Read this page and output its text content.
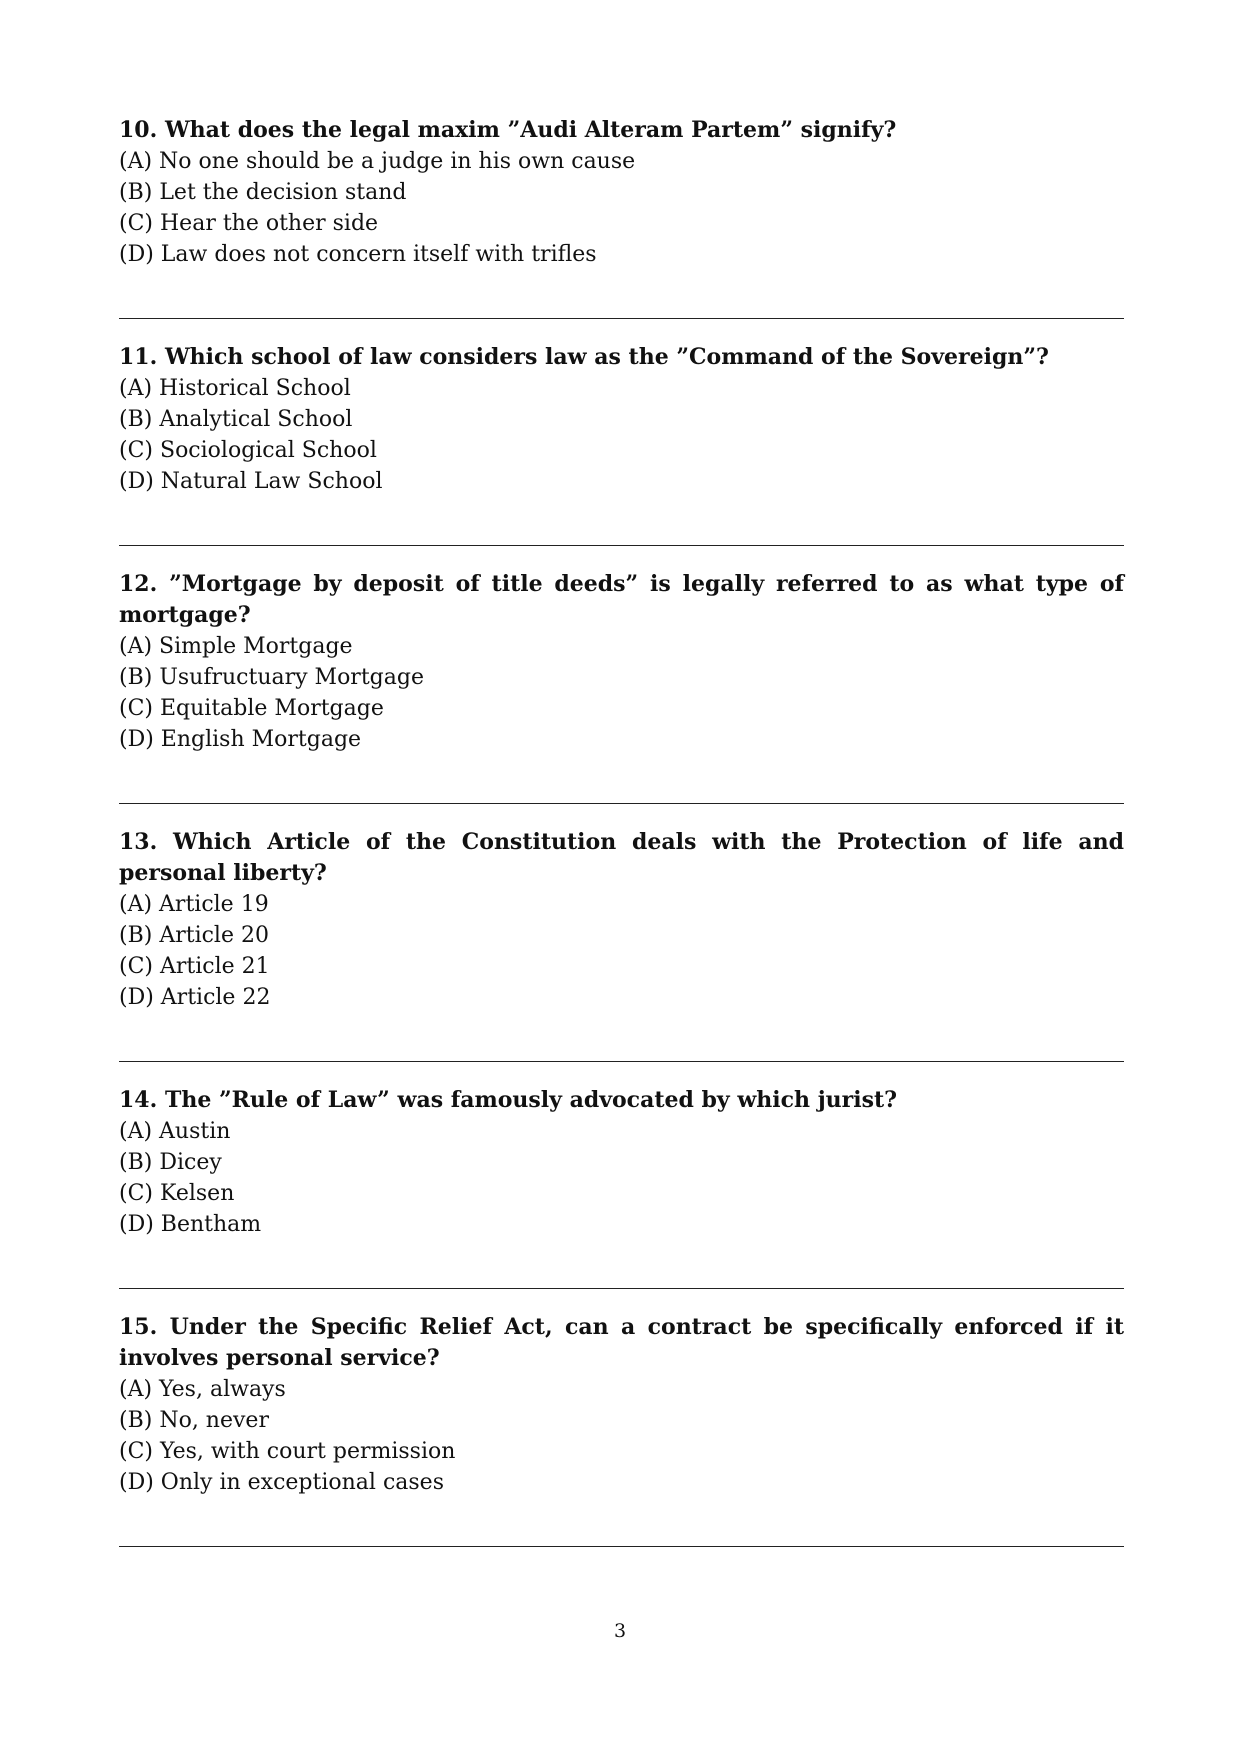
10. What does the legal maxim ”Audi Alteram Partem” signify?

(A) No one should be a judge in his own cause
(B) Let the decision stand
(C) Hear the other side
(D) Law does not concern itself with trifles

11. Which school of law considers law as the ”Command of the Sovereign”?

(A) Historical School
(B) Analytical School
(C) Sociological School
(D) Natural Law School

12. ”Mortgage by deposit of title deeds” is legally referred to as what type of mortgage?

(A) Simple Mortgage
(B) Usufructuary Mortgage
(C) Equitable Mortgage
(D) English Mortgage

13. Which Article of the Constitution deals with the Protection of life and personal liberty?

(A) Article 19
(B) Article 20
(C) Article 21
(D) Article 22

14. The ”Rule of Law” was famously advocated by which jurist?

(A) Austin
(B) Dicey
(C) Kelsen
(D) Bentham

15. Under the Specific Relief Act, can a contract be specifically enforced if it involves personal service?

(A) Yes, always
(B) No, never
(C) Yes, with court permission
(D) Only in exceptional cases
3
